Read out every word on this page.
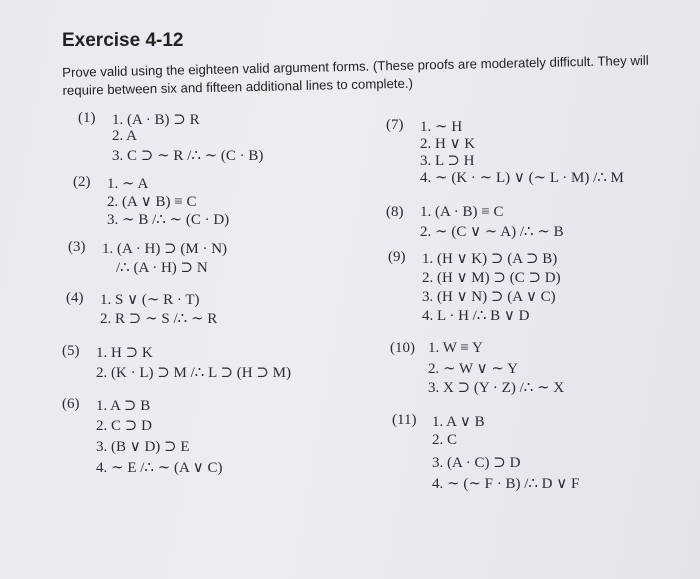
Exercise 4-12
Prove valid using the eighteen valid argument forms. (These proofs are moderately difficult. They will require between six and fifteen additional lines to complete.)
(1) 1. (A · B) ⊃ R
2. A
3. C ⊃ ∼ R /∴ ∼ (C · B)
(2) 1. ∼ A
2. (A ∨ B) ≡ C
3. ∼ B /∴ ∼ (C · D)
(3) 1. (A · H) ⊃ (M · N)
/∴ (A · H) ⊃ N
(4) 1. S ∨ (∼ R · T)
2. R ⊃ ∼ S /∴ ∼ R
(5) 1. H ⊃ K
2. (K · L) ⊃ M /∴ L ⊃ (H ⊃ M)
(6) 1. A ⊃ B
2. C ⊃ D
3. (B ∨ D) ⊃ E
4. ∼ E /∴ ∼ (A ∨ C)
(7) 1. ∼ H
2. H ∨ K
3. L ⊃ H
4. ∼ (K · ∼ L) ∨ (∼ L · M) /∴ M
(8) 1. (A · B) ≡ C
2. ∼ (C ∨ ∼ A) /∴ ∼ B
(9) 1. (H ∨ K) ⊃ (A ⊃ B)
2. (H ∨ M) ⊃ (C ⊃ D)
3. (H ∨ N) ⊃ (A ∨ C)
4. L · H /∴ B ∨ D
(10) 1. W ≡ Y
2. ∼ W ∨ ∼ Y
3. X ⊃ (Y · Z) /∴ ∼ X
(11) 1. A ∨ B
2. C
3. (A · C) ⊃ D
4. ∼ (∼ F · B) /∴ D ∨ F
